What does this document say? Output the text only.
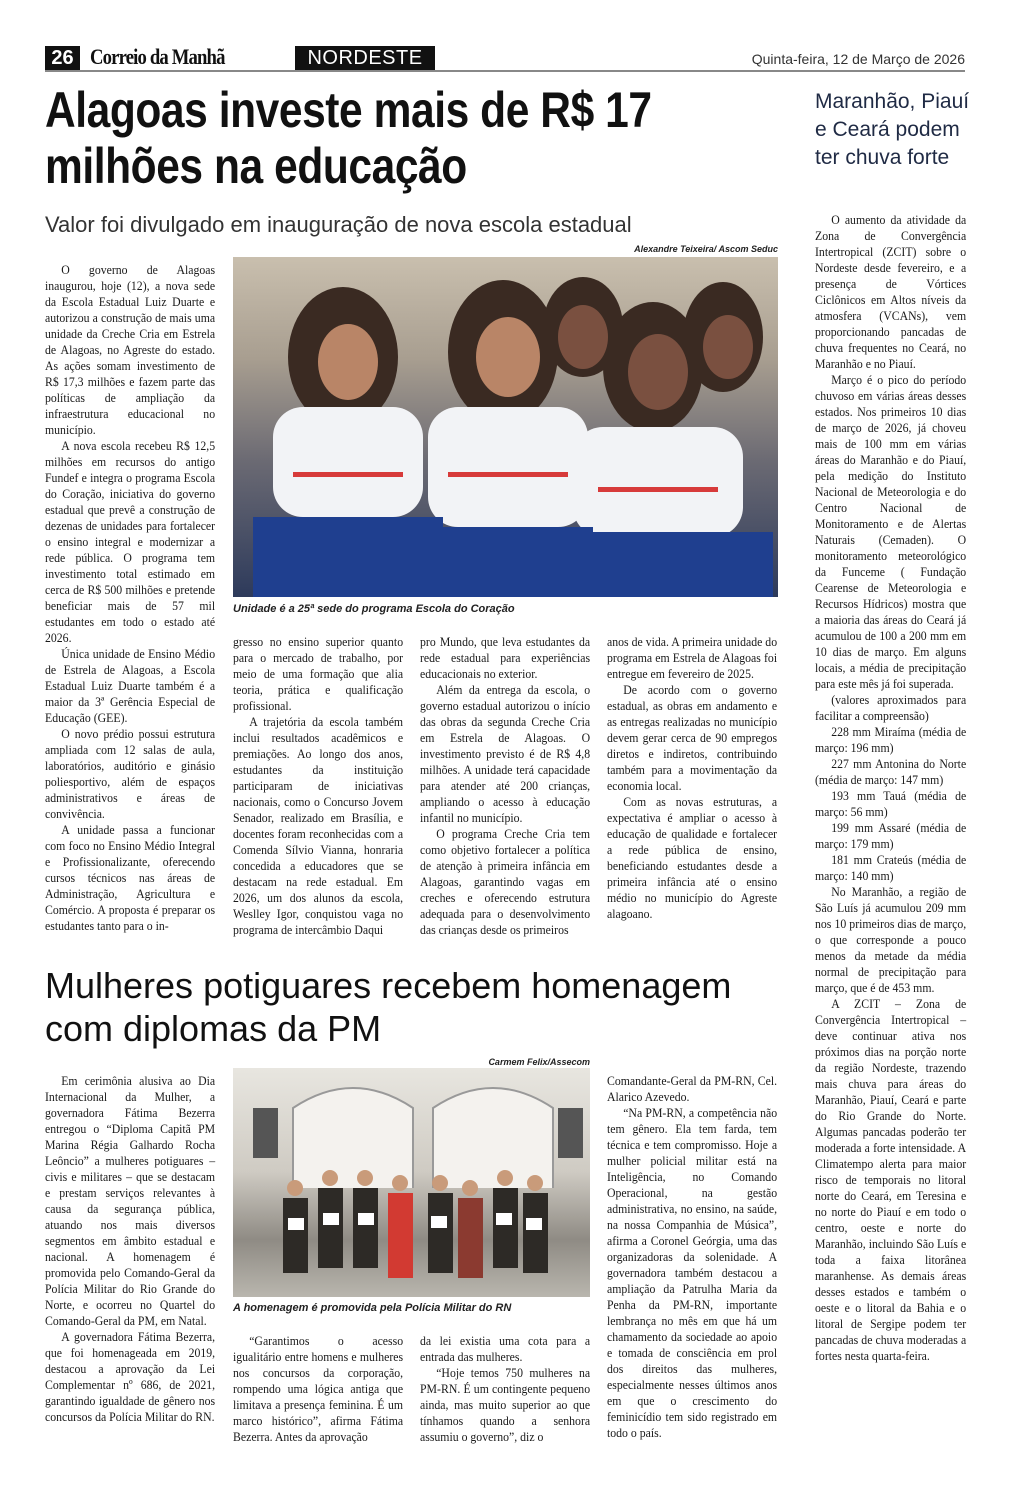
26 Correio da Manhã	NORDESTE	Quinta-feira, 12 de Março de 2026
Alagoas investe mais de R$ 17 milhões na educação
Valor foi divulgado em inauguração de nova escola estadual
Alexandre Teixeira/ Ascom Seduc
Unidade é a 25ª sede do programa Escola do Coração

O governo de Alagoas inaugurou, hoje (12), a nova sede da Escola Estadual Luiz Duarte e autorizou a construção de mais uma unidade da Creche Cria em Estrela de Alagoas, no Agreste do estado. As ações somam investimento de R$ 17,3 milhões e fazem parte das políticas de ampliação da infraestrutura educacional no município.

A nova escola recebeu R$ 12,5 milhões em recursos do antigo Fundef e integra o programa Escola do Coração, iniciativa do governo estadual que prevê a construção de dezenas de unidades para fortalecer o ensino integral e modernizar a rede pública. O programa tem investimento total estimado em cerca de R$ 500 milhões e pretende beneficiar mais de 57 mil estudantes em todo o estado até 2026.

Única unidade de Ensino Médio de Estrela de Alagoas, a Escola Estadual Luiz Duarte também é a maior da 3ª Gerência Especial de Educação (GEE).

O novo prédio possui estrutura ampliada com 12 salas de aula, laboratórios, auditório e ginásio poliesportivo, além de espaços administrativos e áreas de convivência.

A unidade passa a funcionar com foco no Ensino Médio Integral e Profissionalizante, oferecendo cursos técnicos nas áreas de Administração, Agricultura e Comércio. A proposta é preparar os estudantes tanto para o in-

gresso no ensino superior quanto para o mercado de trabalho, por meio de uma formação que alia teoria, prática e qualificação profissional.

A trajetória da escola também inclui resultados acadêmicos e premiações. Ao longo dos anos, estudantes da instituição participaram de iniciativas nacionais, como o Concurso Jovem Senador, realizado em Brasília, e docentes foram reconhecidas com a Comenda Sílvio Vianna, honraria concedida a educadores que se destacam na rede estadual. Em 2026, um dos alunos da escola, Weslley Igor, conquistou vaga no programa de intercâmbio Daqui

pro Mundo, que leva estudantes da rede estadual para experiências educacionais no exterior.

Além da entrega da escola, o governo estadual autorizou o início das obras da segunda Creche Cria em Estrela de Alagoas. O investimento previsto é de R$ 4,8 milhões. A unidade terá capacidade para atender até 200 crianças, ampliando o acesso à educação infantil no município.

O programa Creche Cria tem como objetivo fortalecer a política de atenção à primeira infância em Alagoas, garantindo vagas em creches e oferecendo estrutura adequada para o desenvolvimento das crianças desde os primeiros

anos de vida. A primeira unidade do programa em Estrela de Alagoas foi entregue em fevereiro de 2025.

De acordo com o governo estadual, as obras em andamento e as entregas realizadas no município devem gerar cerca de 90 empregos diretos e indiretos, contribuindo também para a movimentação da economia local.

Com as novas estruturas, a expectativa é ampliar o acesso à educação de qualidade e fortalecer a rede pública de ensino, beneficiando estudantes desde a primeira infância até o ensino médio no município do Agreste alagoano.

Maranhão, Piauí e Ceará podem ter chuva forte

O aumento da atividade da Zona de Convergência Intertropical (ZCIT) sobre o Nordeste desde fevereiro, e a presença de Vórtices Ciclônicos em Altos níveis da atmosfera (VCANs), vem proporcionando pancadas de chuva frequentes no Ceará, no Maranhão e no Piauí.

Março é o pico do período chuvoso em várias áreas desses estados. Nos primeiros 10 dias de março de 2026, já choveu mais de 100 mm em várias áreas do Maranhão e do Piauí, pela medição do Instituto Nacional de Meteorologia e do Centro Nacional de Monitoramento e de Alertas Naturais (Cemaden). O monitoramento meteorológico da Funceme ( Fundação Cearense de Meteorologia e Recursos Hídricos) mostra que a maioria das áreas do Ceará já acumulou de 100 a 200 mm em 10 dias de março. Em alguns locais, a média de precipitação para este mês já foi superada.

(valores aproximados para facilitar a compreensão)

228 mm Miraíma (média de março: 196 mm)

227 mm Antonina do Norte (média de março: 147 mm)

193 mm Tauá (média de março: 56 mm)

199 mm Assaré (média de março: 179 mm)

181 mm Crateús (média de março: 140 mm)

No Maranhão, a região de São Luís já acumulou 209 mm nos 10 primeiros dias de março, o que corresponde a pouco menos da metade da média normal de precipitação para março, que é de 453 mm.

A ZCIT – Zona de Convergência Intertropical – deve continuar ativa nos próximos dias na porção norte da região Nordeste, trazendo mais chuva para áreas do Maranhão, Piauí, Ceará e parte do Rio Grande do Norte. Algumas pancadas poderão ter moderada a forte intensidade. A Climatempo alerta para maior risco de temporais no litoral norte do Ceará, em Teresina e no norte do Piauí e em todo o centro, oeste e norte do Maranhão, incluindo São Luís e toda a faixa litorânea maranhense. As demais áreas desses estados e também o oeste e o litoral da Bahia e o litoral de Sergipe podem ter pancadas de chuva moderadas a fortes nesta quarta-feira.

Mulheres potiguares recebem homenagem com diplomas da PM
Carmem Felix/Assecom
A homenagem é promovida pela Polícia Militar do RN

Em cerimônia alusiva ao Dia Internacional da Mulher, a governadora Fátima Bezerra entregou o “Diploma Capitã PM Marina Régia Galhardo Rocha Leôncio” a mulheres potiguares – civis e militares – que se destacam e prestam serviços relevantes à causa da segurança pública, atuando nos mais diversos segmentos em âmbito estadual e nacional. A homenagem é promovida pelo Comando-Geral da Polícia Militar do Rio Grande do Norte, e ocorreu no Quartel do Comando-Geral da PM, em Natal.

A governadora Fátima Bezerra, que foi homenageada em 2019, destacou a aprovação da Lei Complementar nº 686, de 2021, garantindo igualdade de gênero nos concursos da Polícia Militar do RN.

“Garantimos o acesso igualitário entre homens e mulheres nos concursos da corporação, rompendo uma lógica antiga que limitava a presença feminina. É um marco histórico”, afirma Fátima Bezerra. Antes da aprovação

da lei existia uma cota para a entrada das mulheres.

“Hoje temos 750 mulheres na PM-RN. É um contingente pequeno ainda, mas muito superior ao que tínhamos quando a senhora assumiu o governo”, diz o

Comandante-Geral da PM-RN, Cel. Alarico Azevedo.

“Na PM-RN, a competência não tem gênero. Ela tem farda, tem técnica e tem compromisso. Hoje a mulher policial militar está na Inteligência, no Comando Operacional, na gestão administrativa, no ensino, na saúde, na nossa Companhia de Música”, afirma a Coronel Geórgia, uma das organizadoras da solenidade. A governadora também destacou a ampliação da Patrulha Maria da Penha da PM-RN, importante lembrança no mês em que há um chamamento da sociedade ao apoio e tomada de consciência em prol dos direitos das mulheres, especialmente nesses últimos anos em que o crescimento do feminicídio tem sido registrado em todo o país.
